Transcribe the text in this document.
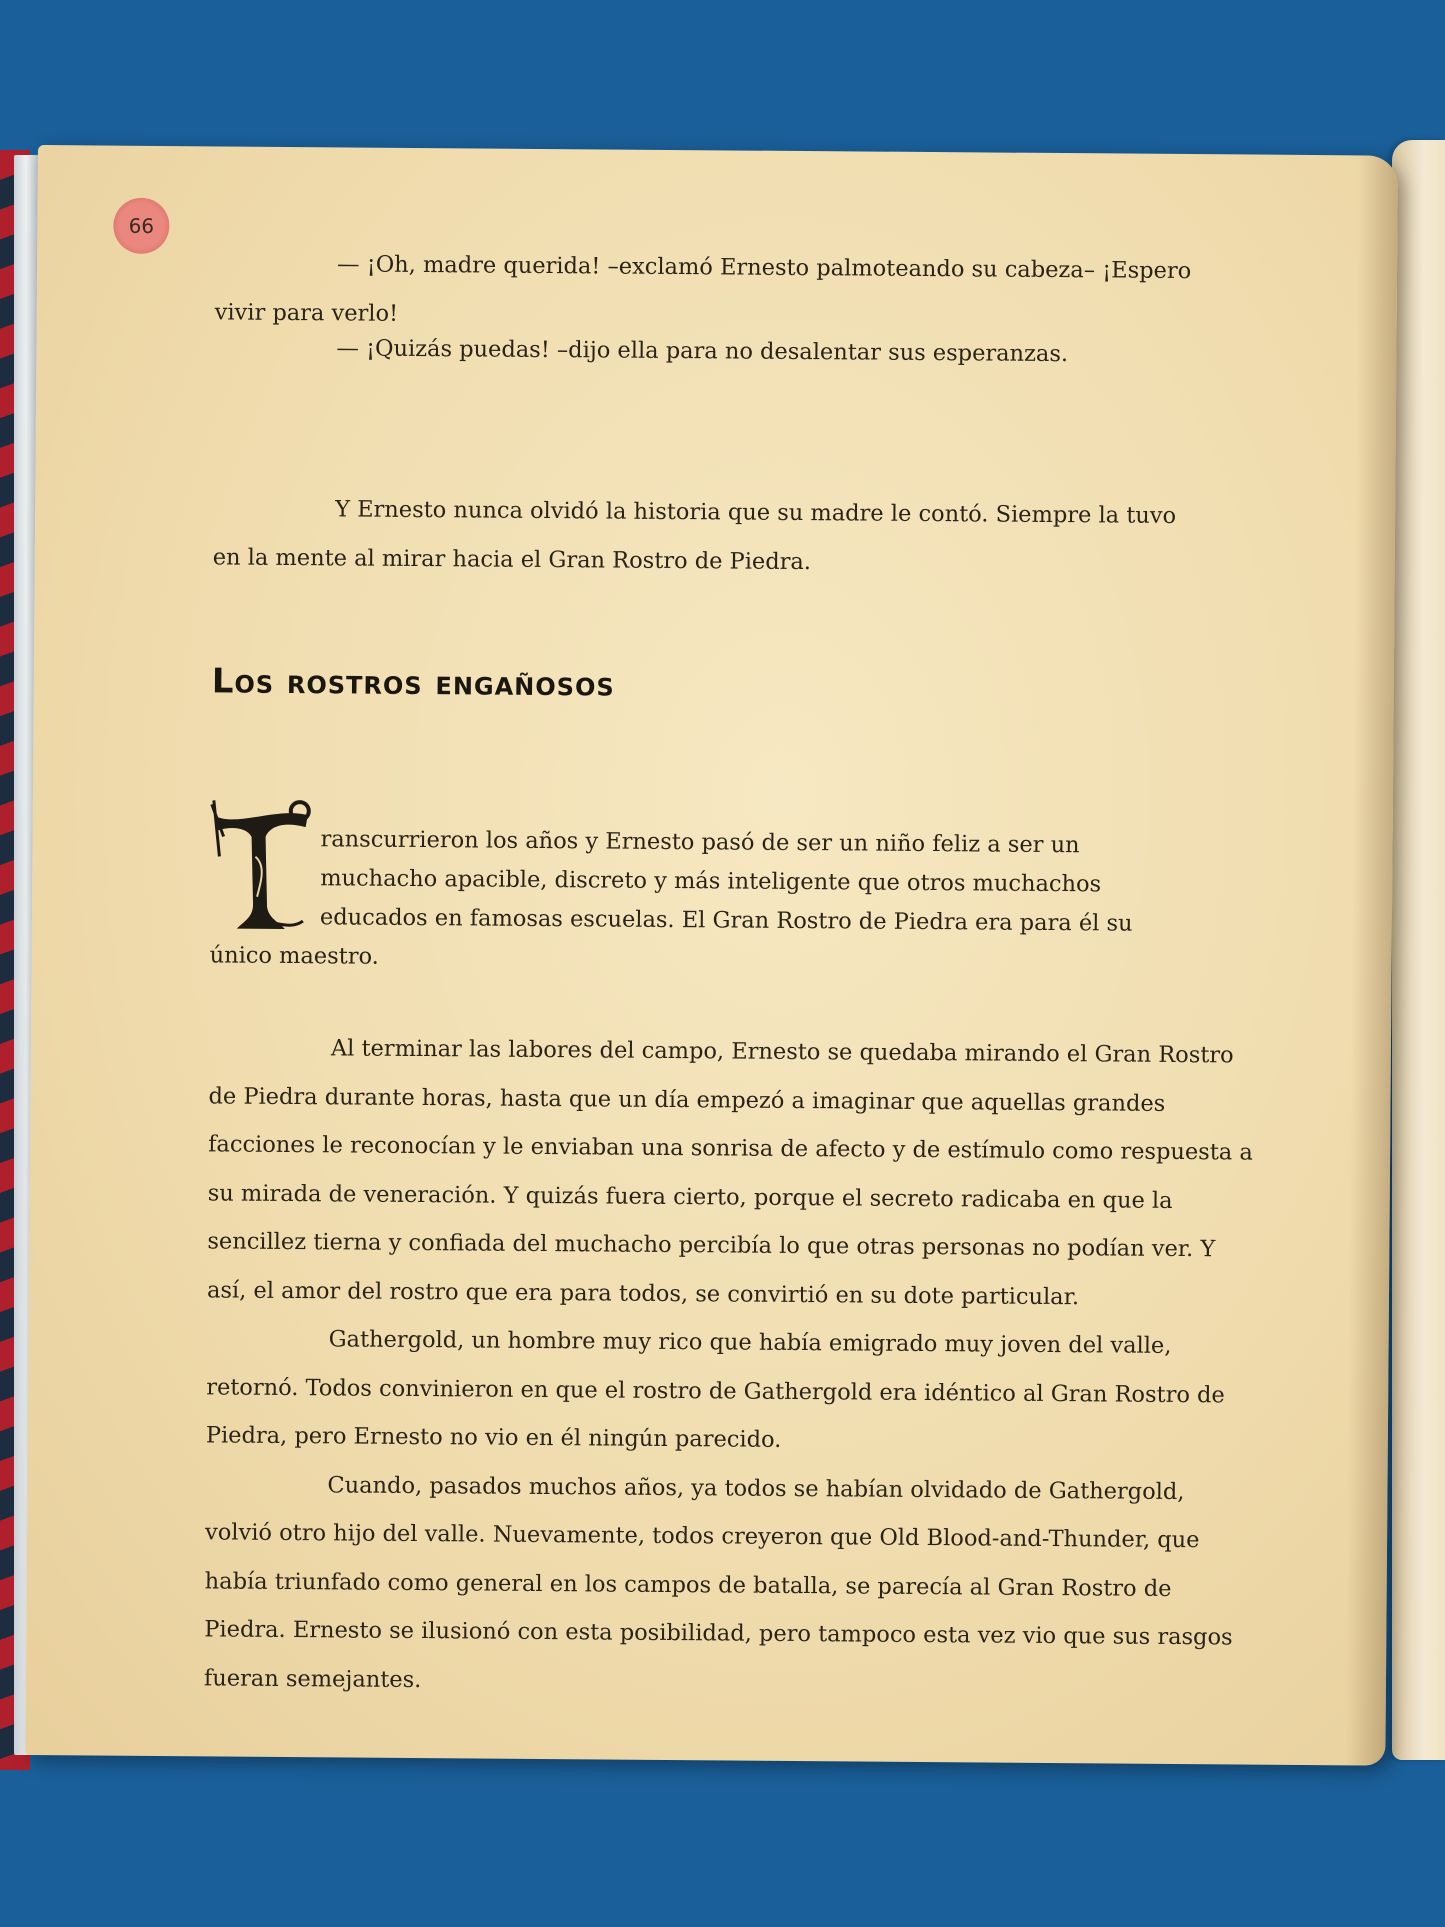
66

— ¡Oh, madre querida! –exclamó Ernesto palmoteando su cabeza– ¡Espero

vivir para verlo!

— ¡Quizás puedas! –dijo ella para no desalentar sus esperanzas.

Y Ernesto nunca olvidó la historia que su madre le contó. Siempre la tuvo

en la mente al mirar hacia el Gran Rostro de Piedra.

Los rostros engañosos
ranscurrieron los años y Ernesto pasó de ser un niño feliz a ser un
muchacho apacible, discreto y más inteligente que otros muchachos
educados en famosas escuelas. El Gran Rostro de Piedra era para él su
único maestro.

Al terminar las labores del campo, Ernesto se quedaba mirando el Gran Rostro de Piedra durante horas, hasta que un día empezó a imaginar que aquellas grandes facciones le reconocían y le enviaban una sonrisa de afecto y de estímulo como respuesta a su mirada de veneración. Y quizás fuera cierto, porque el secreto radicaba en que la sencillez tierna y confiada del muchacho percibía lo que otras personas no podían ver. Y así, el amor del rostro que era para todos, se convirtió en su dote particular.

Gathergold, un hombre muy rico que había emigrado muy joven del valle, retornó. Todos convinieron en que el rostro de Gathergold era idéntico al Gran Rostro de Piedra, pero Ernesto no vio en él ningún parecido.

Cuando, pasados muchos años, ya todos se habían olvidado de Gathergold, volvió otro hijo del valle. Nuevamente, todos creyeron que Old Blood-and-Thunder, que había triunfado como general en los campos de batalla, se parecía al Gran Rostro de Piedra. Ernesto se ilusionó con esta posibilidad, pero tampoco esta vez vio que sus rasgos fueran semejantes.
